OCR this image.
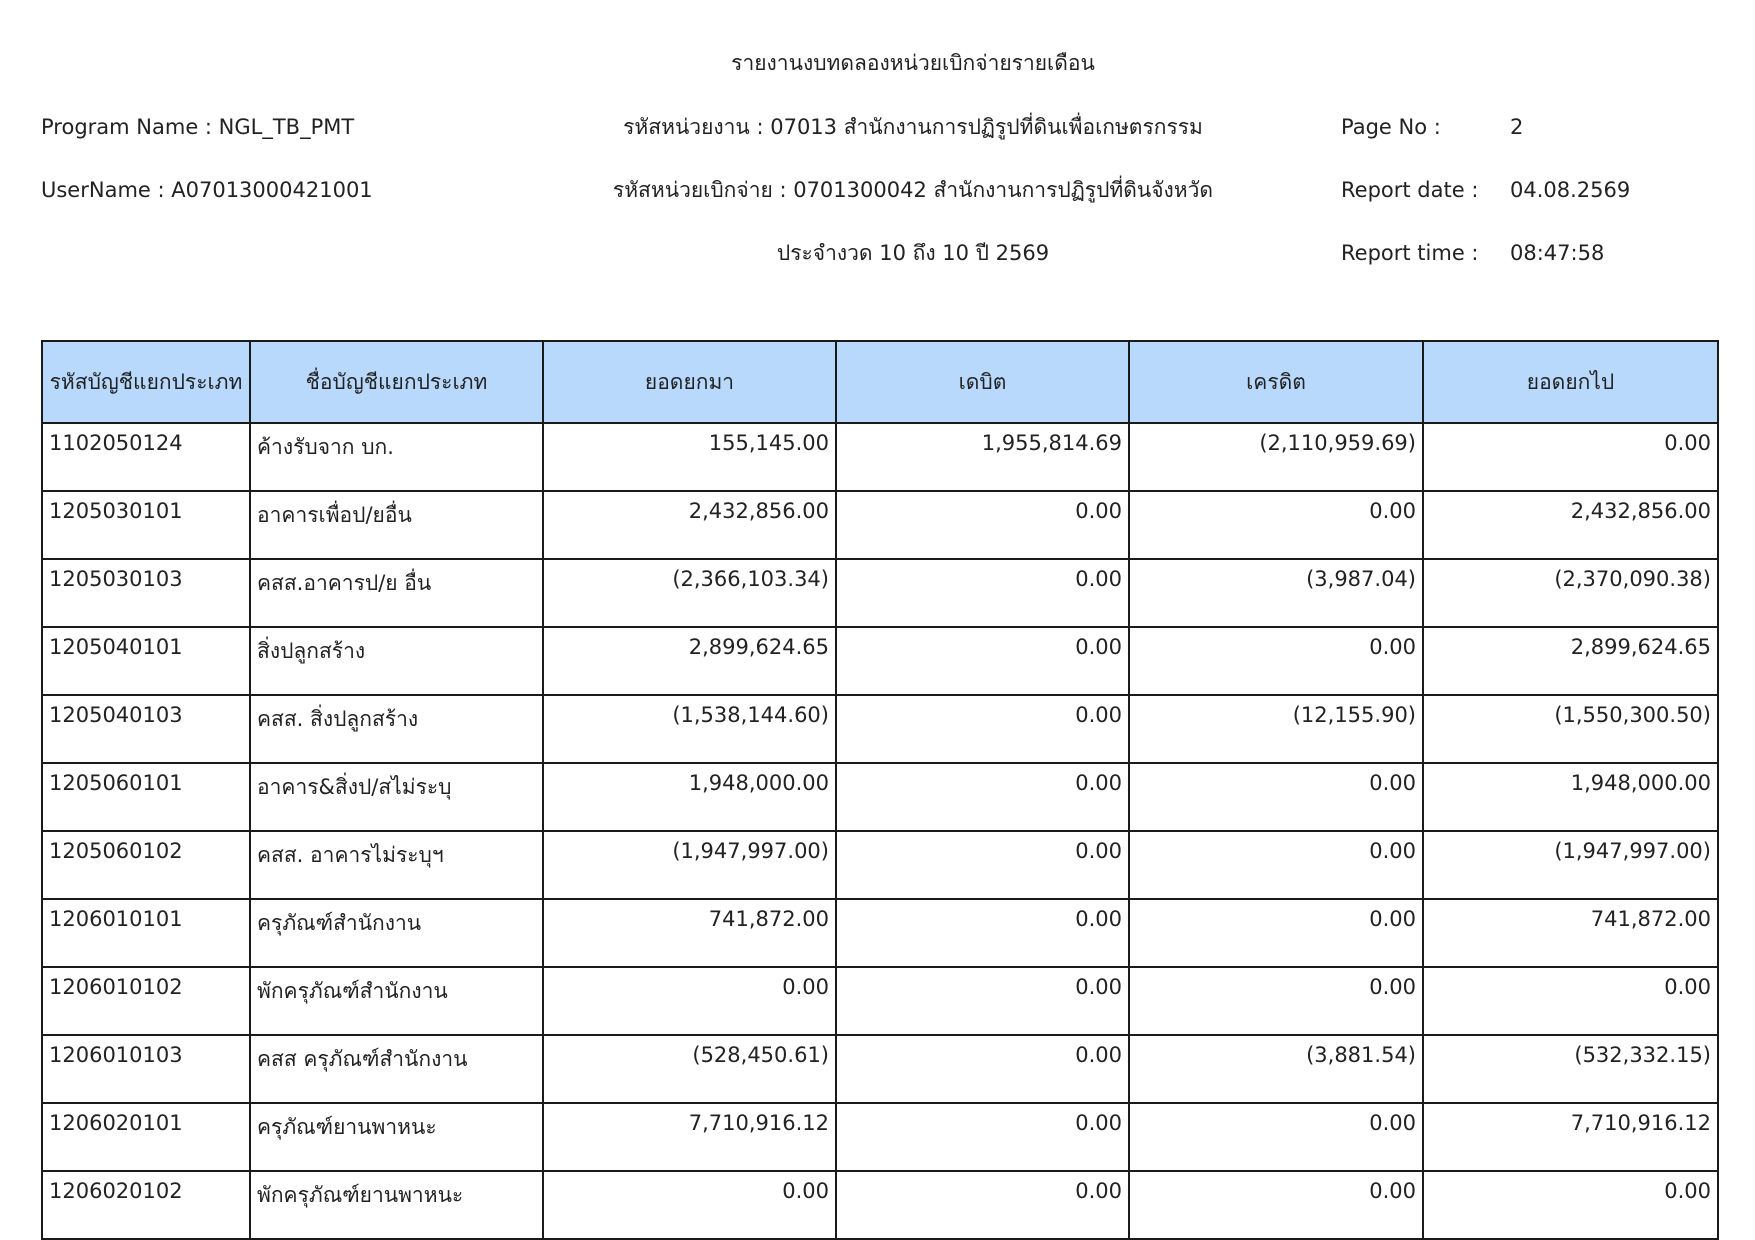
รายงานงบทดลองหน่วยเบิกจ่ายรายเดือน
Program Name : NGL_TB_PMT	รหัสหน่วยงาน : 07013 สำนักงานการปฏิรูปที่ดินเพื่อเกษตรกรรม	Page No :	2
UserName : A07013000421001	รหัสหน่วยเบิกจ่าย : 0701300042 สำนักงานการปฏิรูปที่ดินจังหวัด	Report date : 04.08.2569
ประจำงวด 10 ถึง 10 ปี 2569	Report time : 08:47:58
รหัสบัญชีแยกประเภท	ชื่อบัญชีแยกประเภท	ยอดยกมา	เดบิต	เครดิต	ยอดยกไป
1102050124	ค้างรับจาก บก.	155,145.00	1,955,814.69	(2,110,959.69)	0.00
1205030101	อาคารเพื่อป/ยอื่น	2,432,856.00	0.00	0.00	2,432,856.00
1205030103	คสส.อาคารป/ย อื่น	(2,366,103.34)	0.00	(3,987.04)	(2,370,090.38)
1205040101	สิ่งปลูกสร้าง	2,899,624.65	0.00	0.00	2,899,624.65
1205040103	คสส. สิ่งปลูกสร้าง	(1,538,144.60)	0.00	(12,155.90)	(1,550,300.50)
1205060101	อาคาร&สิ่งป/สไม่ระบุ	1,948,000.00	0.00	0.00	1,948,000.00
1205060102	คสส. อาคารไม่ระบุฯ	(1,947,997.00)	0.00	0.00	(1,947,997.00)
1206010101	ครุภัณฑ์สำนักงาน	741,872.00	0.00	0.00	741,872.00
1206010102	พักครุภัณฑ์สำนักงาน	0.00	0.00	0.00	0.00
1206010103	คสส ครุภัณฑ์สำนักงาน	(528,450.61)	0.00	(3,881.54)	(532,332.15)
1206020101	ครุภัณฑ์ยานพาหนะ	7,710,916.12	0.00	0.00	7,710,916.12
1206020102	พักครุภัณฑ์ยานพาหนะ	0.00	0.00	0.00	0.00
